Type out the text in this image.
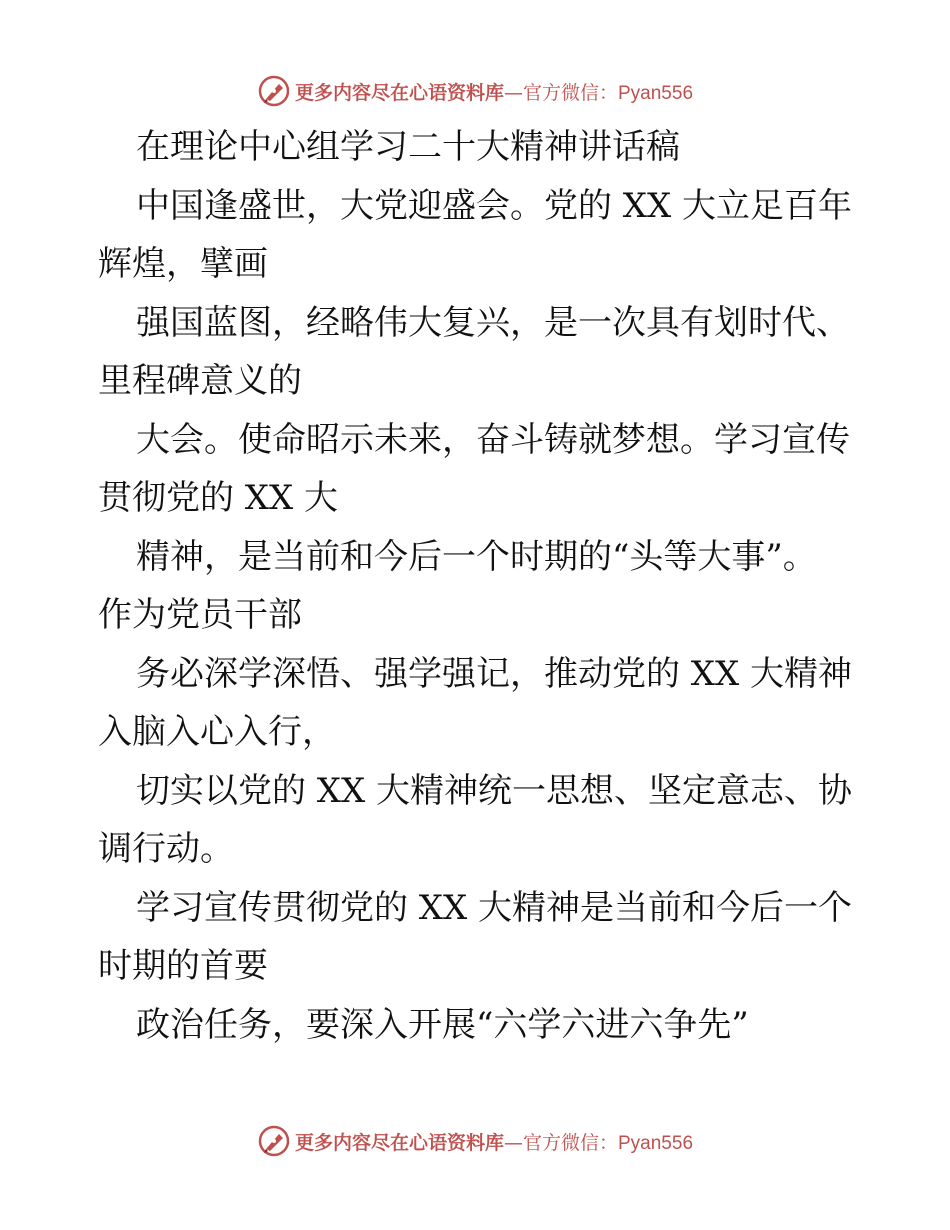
更多内容尽在心语资料库—官方微信：Pyan556

在理论中心组学习二十大精神讲话稿

中国逢盛世，大党迎盛会。党的 XX 大立足百年

辉煌，擘画

强国蓝图，经略伟大复兴，是一次具有划时代、

里程碑意义的

大会。使命昭示未来，奋斗铸就梦想。学习宣传

贯彻党的 XX 大

精神，是当前和今后一个时期的“头等大事”。

作为党员干部

务必深学深悟、强学强记，推动党的 XX 大精神

入脑入心入行，

切实以党的 XX 大精神统一思想、坚定意志、协

调行动。

学习宣传贯彻党的 XX 大精神是当前和今后一个

时期的首要

政治任务，要深入开展“六学六进六争先”

更多内容尽在心语资料库—官方微信：Pyan556
